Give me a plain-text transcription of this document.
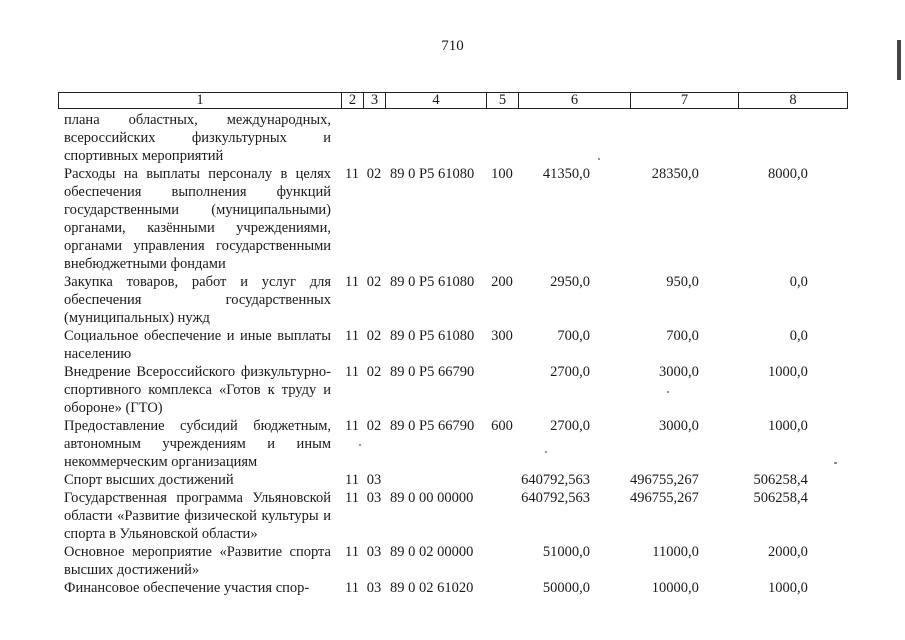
710
1	2	3	4	5	6	7	8
плана областных, международных, всероссийских физкультурных и спортивных мероприятий							

Расходы на выплаты персоналу в целях обеспечения выполнения функций государственными (муниципальными) органами, казёнными учреждениями, органами управления государственными внебюджетными фондами	11	02	89 0 P5 61080	100	41350,0	28350,0	8000,0

Закупка товаров, работ и услуг для обеспечения государственных (муниципальных) нужд	11	02	89 0 P5 61080	200	2950,0	950,0	0,0

Социальное обеспечение и иные выплаты населению	11	02	89 0 P5 61080	300	700,0	700,0	0,0

Внедрение Всероссийского физкультурно-спортивного комплекса «Готов к труду и обороне» (ГТО)	11	02	89 0 P5 66790		2700,0	3000,0	1000,0

Предоставление субсидий бюджетным, автономным учреждениям и иным некоммерческим организациям	11	02	89 0 P5 66790	600	2700,0	3000,0	1000,0

Спорт высших достижений	11	03			640792,563	496755,267	506258,4

Государственная программа Ульяновской области «Развитие физической культуры и спорта в Ульяновской области»	11	03	89 0 00 00000		640792,563	496755,267	506258,4

Основное мероприятие «Развитие спорта высших достижений»	11	03	89 0 02 00000		51000,0	11000,0	2000,0

Финансовое обеспечение участия спор-	11	03	89 0 02 61020		50000,0	10000,0	1000,0
